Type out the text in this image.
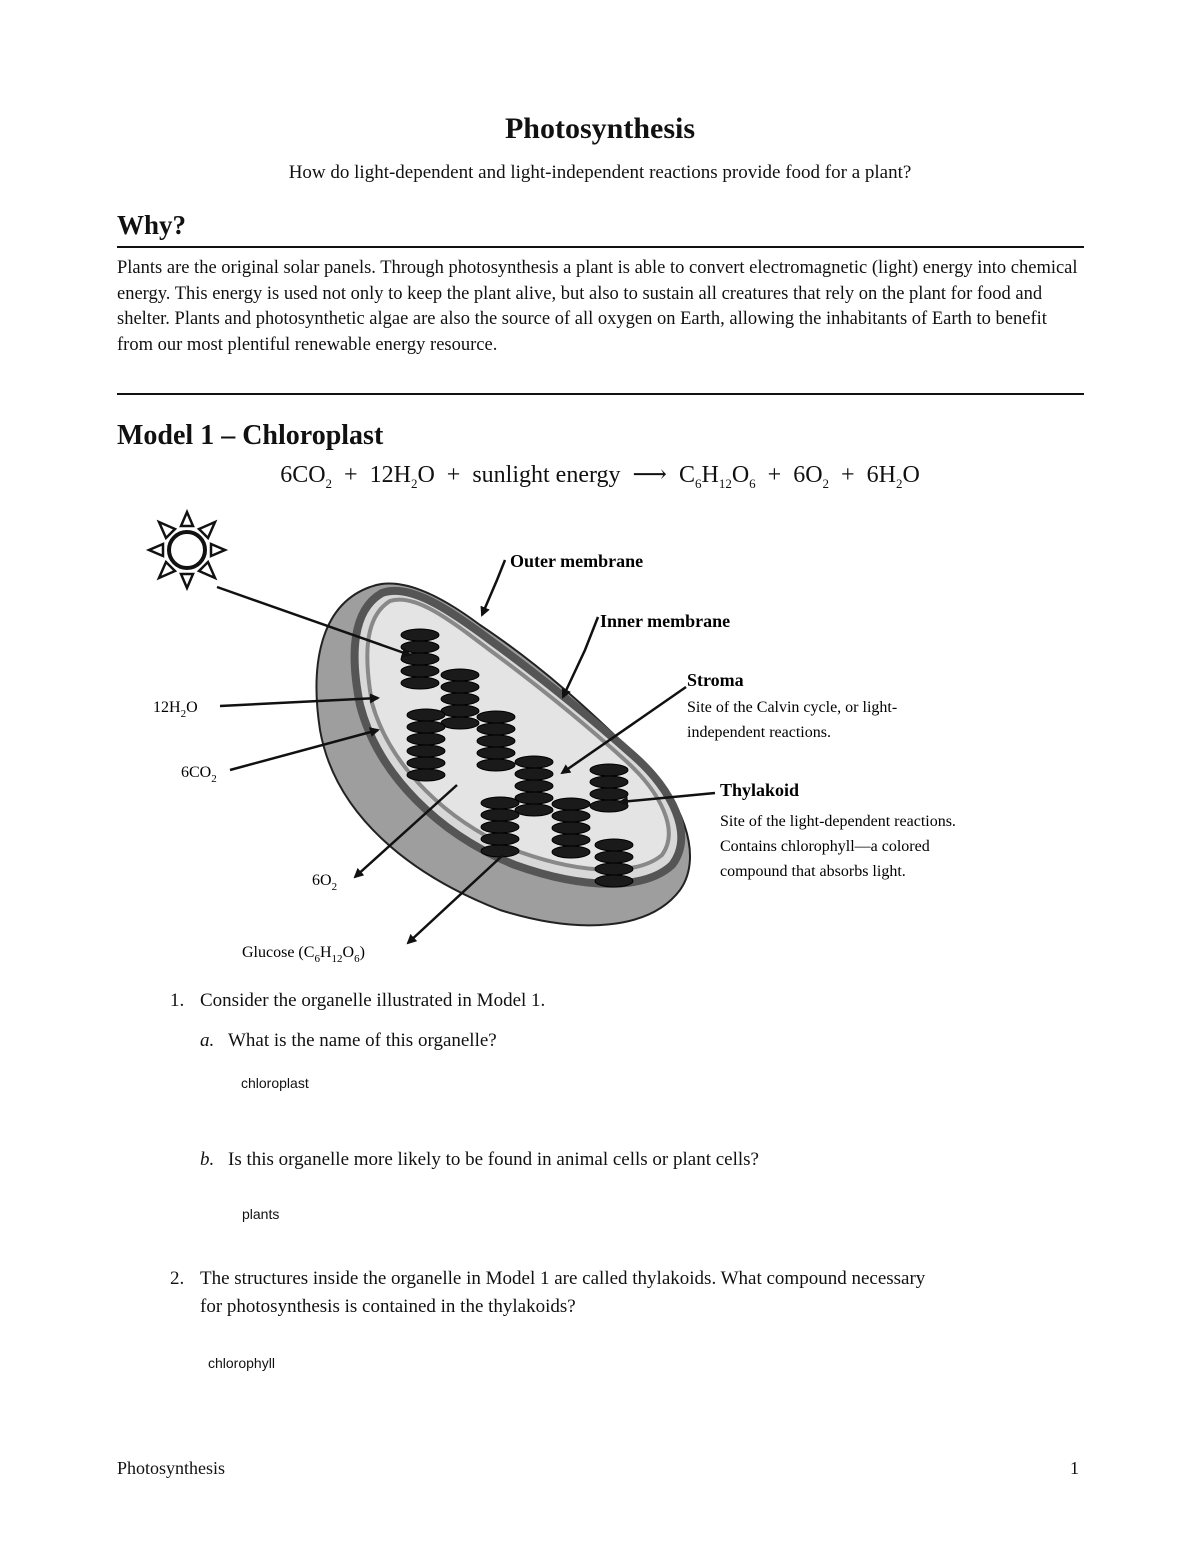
Photosynthesis
How do light-dependent and light-independent reactions provide food for a plant?
Why?
Plants are the original solar panels. Through photosynthesis a plant is able to convert electromagnetic (light) energy into chemical energy. This energy is used not only to keep the plant alive, but also to sustain all creatures that rely on the plant for food and shelter. Plants and photosynthetic algae are also the source of all oxygen on Earth, allowing the inhabitants of Earth to benefit from our most plentiful renewable energy resource.
Model 1 – Chloroplast
$6CO_2 + 12H_2O$ + sunlight energy ⟶ $C_6H_{12}O_6 + 6O_2 + 6H_2O$
Outer membrane
Inner membrane
Stroma
Site of the Calvin cycle, or light-
independent reactions.
Thylakoid
Site of the light-dependent reactions.
Contains chlorophyll—a colored
compound that absorbs light.
$12H_2O$
$6CO_2$
$6O_2$
Glucose $(C_6H_{12}O_6)$
1. Consider the organelle illustrated in Model 1.
a. What is the name of this organelle?
chloroplast
b. Is this organelle more likely to be found in animal cells or plant cells?
plants
2. The structures inside the organelle in Model 1 are called thylakoids. What compound necessary
for photosynthesis is contained in the thylakoids?
chlorophyll
Photosynthesis	1
